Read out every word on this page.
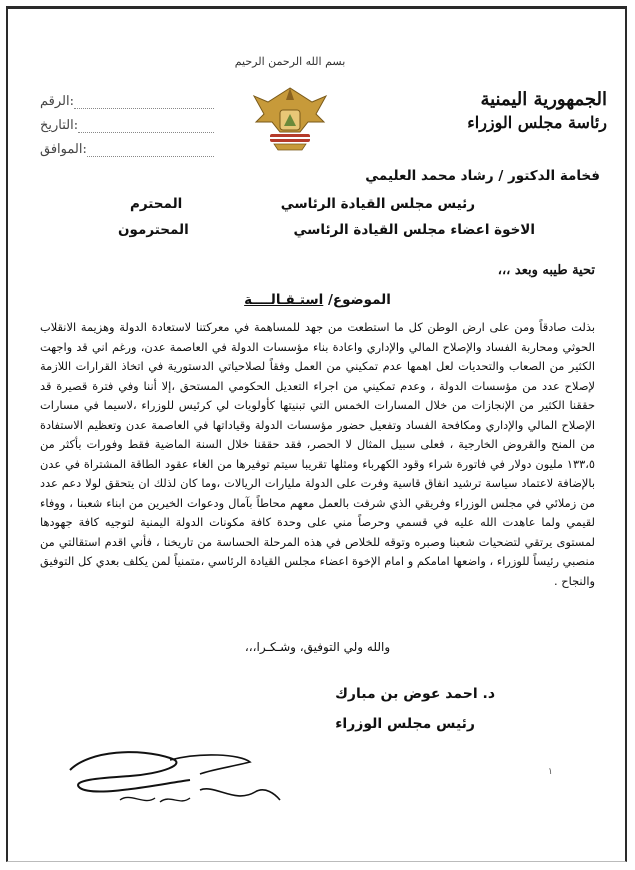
بسم الله الرحمن الرحيم
الجمهورية اليمنية
رئاسة مجلس الوزراء
الرقم :
التاريخ :
الموافق :
فخامة الدكتور / رشاد محمد العليمي
رئيس مجلس القيادة الرئاسي
المحترم
الاخوة اعضاء مجلس القيادة الرئاسي
المحترمون
تحية طيبه وبعد ،،،
الموضوع/ استـقـالــــة
بذلت صادقاً ومن على ارض الوطن كل ما استطعت من جهد للمساهمة في معركتنا لاستعادة الدولة وهزيمة الانقلاب الحوثي ومحاربة الفساد والإصلاح المالي والإداري واعادة بناء مؤسسات الدولة في العاصمة عدن، ورغم اني قد واجهت الكثير من الصعاب والتحديات لعل اهمها عدم تمكيني من العمل وفقاً لصلاحياتي الدستورية في اتخاذ القرارات اللازمة لإصلاح عدد من مؤسسات الدولة ، وعدم تمكيني من اجراء التعديل الحكومي المستحق ،إلا أننا وفي فترة قصيرة قد حققنا الكثير من الإنجازات من خلال المسارات الخمس التي تبنيتها كأولويات لي كرئيس للوزراء ،لاسيما في مسارات الإصلاح المالي والإداري ومكافحة الفساد وتفعيل حضور مؤسسات الدولة وقياداتها في العاصمة عدن وتعظيم الاستفادة من المنح والقروض الخارجية ، فعلى سبيل المثال لا الحصر، فقد حققنا خلال السنة الماضية فقط وفورات بأكثر من ١٣٣،٥ مليون دولار في فاتورة شراء وقود الكهرباء ومثلها تقريبا سيتم توفيرها من الغاء عقود الطاقة المشتراة في عدن بالإضافة لاعتماد سياسة ترشيد انفاق قاسية وفرت على الدولة مليارات الريالات ،وما كان لذلك ان يتحقق لولا دعم عدد من زملائي في مجلس الوزراء وفريقي الذي شرفت بالعمل معهم محاطاً بآمال ودعوات الخيرين من ابناء شعبنا ، ووفاء لقيمي ولما عاهدت الله عليه في قسمي وحرصاً مني على وحدة كافة مكونات الدولة اليمنية لتوجيه كافة جهودها لمستوى يرتقي لتضحيات شعبنا وصبره وتوقه للخلاص في هذه المرحلة الحساسة من تاريخنا ، فأني اقدم استقالتي من منصبي رئيساً للوزراء ، واضعها امامكم و امام الإخوة اعضاء مجلس القيادة الرئاسي ،متمنياً لمن يكلف بعدي كل التوفيق والنجاح .
والله ولي التوفيق، وشـكـرا،،،
د. احمد عوض بن مبارك
رئيس مجلس الوزراء
١
